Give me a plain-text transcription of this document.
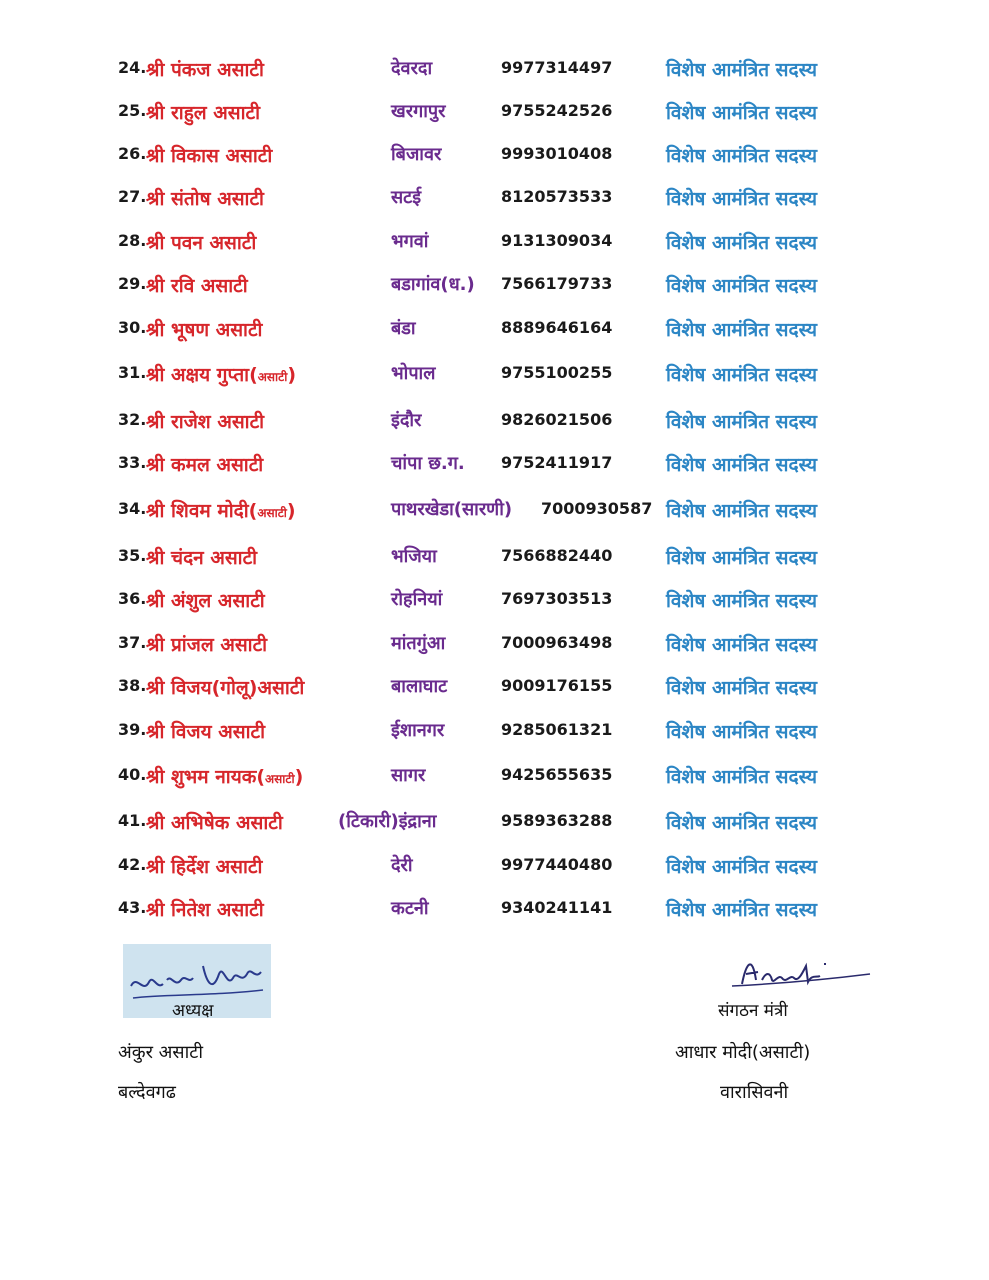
24. श्री पंकज असाटी	देवरदा	9977314497	विशेष आमंत्रित सदस्य
25. श्री राहुल असाटी	खरगापुर	9755242526	विशेष आमंत्रित सदस्य
26. श्री विकास असाटी	बिजावर	9993010408	विशेष आमंत्रित सदस्य
27. श्री संतोष असाटी	सटई	8120573533	विशेष आमंत्रित सदस्य
28. श्री पवन असाटी	भगवां	9131309034	विशेष आमंत्रित सदस्य
29. श्री रवि असाटी	बडागांव(ध.) 7566179733	विशेष आमंत्रित सदस्य
30. श्री भूषण असाटी	बंडा	8889646164	विशेष आमंत्रित सदस्य
31. श्री अक्षय गुप्ता(असाटी)	भोपाल	9755100255	विशेष आमंत्रित सदस्य
32. श्री राजेश असाटी	इंदौर	9826021506	विशेष आमंत्रित सदस्य
33. श्री कमल असाटी	चांपा छ.ग. 9752411917	विशेष आमंत्रित सदस्य
34. श्री शिवम मोदी(असाटी)	पाथरखेडा(सारणी) 7000930587 विशेष आमंत्रित सदस्य
35. श्री चंदन असाटी	भजिया	7566882440	विशेष आमंत्रित सदस्य
36. श्री अंशुल असाटी	रोहनियां	7697303513	विशेष आमंत्रित सदस्य
37. श्री प्रांजल असाटी	मांतगुंआ	7000963498	विशेष आमंत्रित सदस्य
38. श्री विजय(गोलू)असाटी	बालाघाट	9009176155	विशेष आमंत्रित सदस्य
39. श्री विजय असाटी	ईशानगर	9285061321	विशेष आमंत्रित सदस्य
40. श्री शुभम नायक(असाटी)	सागर	9425655635	विशेष आमंत्रित सदस्य
41. श्री अभिषेक असाटी	(टिकारी)इंद्राना	9589363288	विशेष आमंत्रित सदस्य
42. श्री हिर्देश असाटी	देरी	9977440480	विशेष आमंत्रित सदस्य
43. श्री नितेश असाटी	कटनी	9340241141	विशेष आमंत्रित सदस्य
अध्यक्ष
अंकुर असाटी
बल्देवगढ
संगठन मंत्री
आधार मोदी(असाटी)
वारासिवनी
